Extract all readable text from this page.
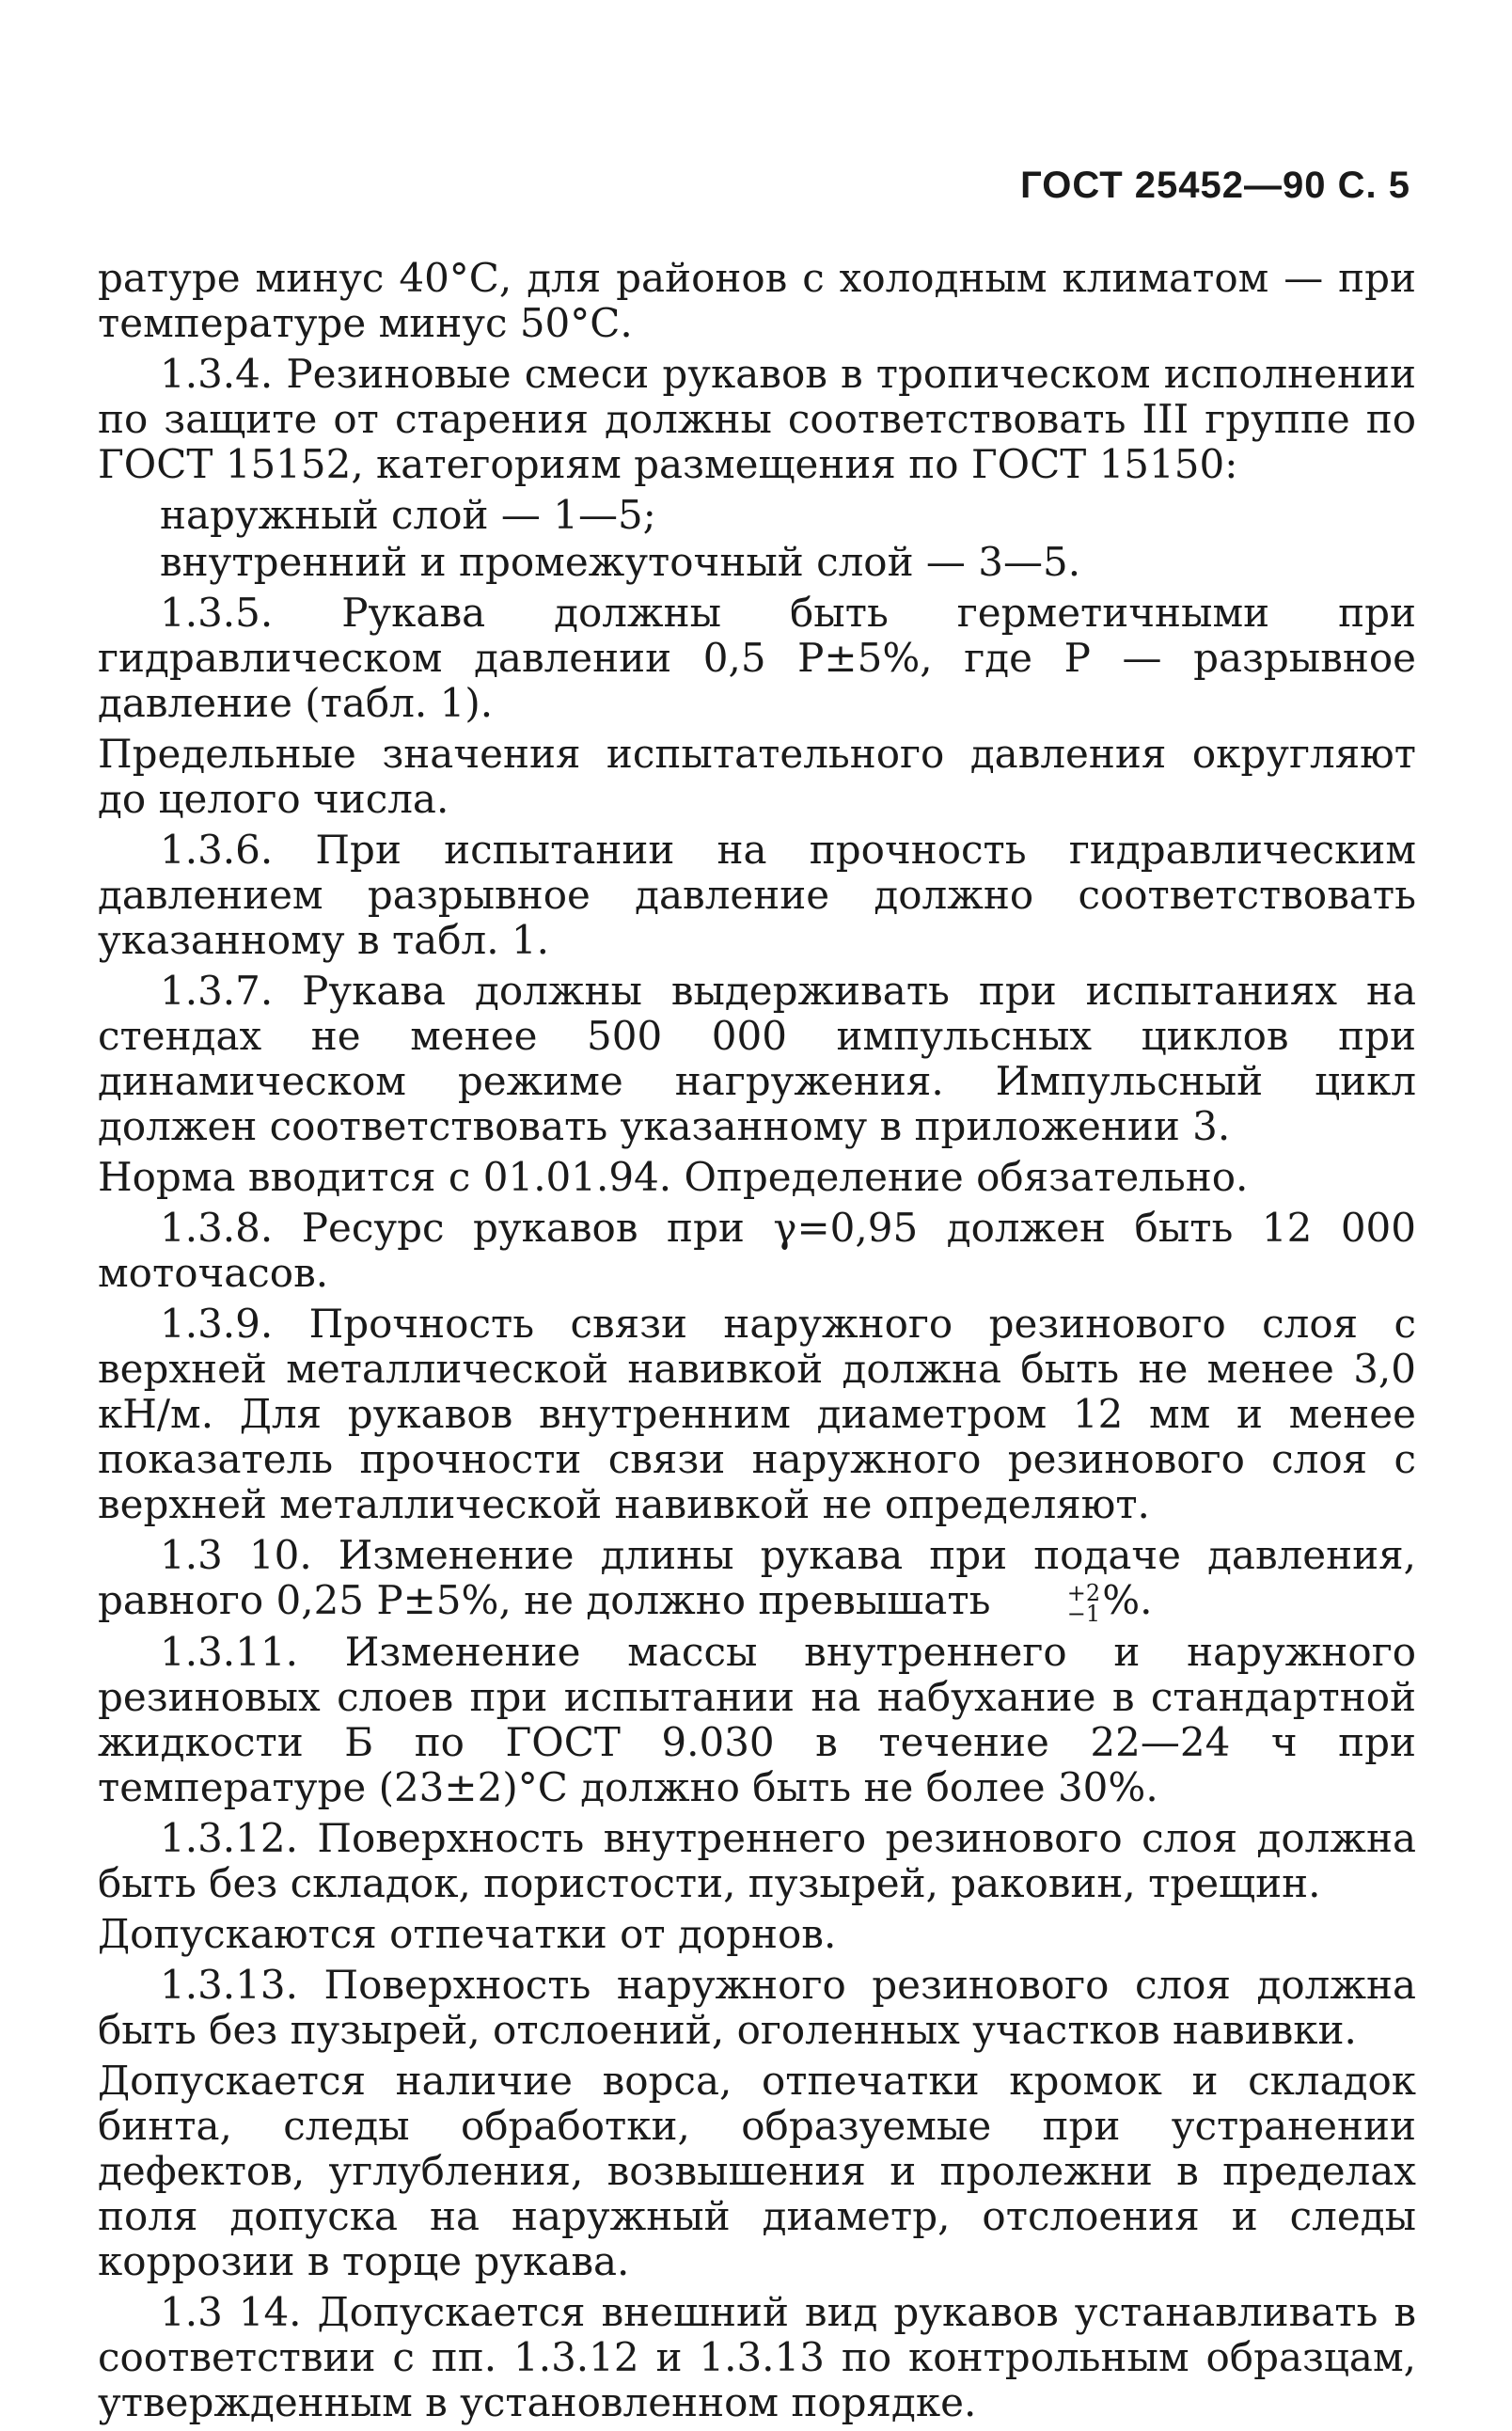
ГОСТ 25452—90 С. 5

ратуре минус 40°С, для районов с холодным климатом — при температуре минус 50°С.

1.3.4. Резиновые смеси рукавов в тропическом исполнении по защите от старения должны соответствовать III группе по ГОСТ 15152, категориям размещения по ГОСТ 15150:

наружный слой — 1—5;

внутренний и промежуточный слой — 3—5.

1.3.5. Рукава должны быть герметичными при гидравлическом давлении 0,5 P±5%, где P — разрывное давление (табл. 1).

Предельные значения испытательного давления округляют до целого числа.

1.3.6. При испытании на прочность гидравлическим давлением разрывное давление должно соответствовать указанному в табл. 1.

1.3.7. Рукава должны выдерживать при испытаниях на стендах не менее 500 000 импульсных циклов при динамическом режиме нагружения. Импульсный цикл должен соответствовать указанному в приложении 3.

Норма вводится с 01.01.94. Определение обязательно.

1.3.8. Ресурс рукавов при γ=0,95 должен быть 12 000 моточасов.

1.3.9. Прочность связи наружного резинового слоя с верхней металлической навивкой должна быть не менее 3,0 кН/м. Для рукавов внутренним диаметром 12 мм и менее показатель прочности связи наружного резинового слоя с верхней металлической навивкой не определяют.

1.3 10. Изменение длины рукава при подаче давления, равного 0,25 P±5%, не должно превышать	+2
−1 %.

1.3.11. Изменение массы внутреннего и наружного резиновых слоев при испытании на набухание в стандартной жидкости Б по ГОСТ 9.030 в течение 22—24 ч при температуре (23±2)°С должно быть не более 30%.

1.3.12. Поверхность внутреннего резинового слоя должна быть без складок, пористости, пузырей, раковин, трещин.

Допускаются отпечатки от дорнов.

1.3.13. Поверхность наружного резинового слоя должна быть без пузырей, отслоений, оголенных участков навивки.

Допускается наличие ворса, отпечатки кромок и складок бинта, следы обработки, образуемые при устранении дефектов, углубления, возвышения и пролежни в пределах поля допуска на наружный диаметр, отслоения и следы коррозии в торце рукава.

1.3 14. Допускается внешний вид рукавов устанавливать в соответствии с пп. 1.3.12 и 1.3.13 по контрольным образцам, утвержденным в установленном порядке.
